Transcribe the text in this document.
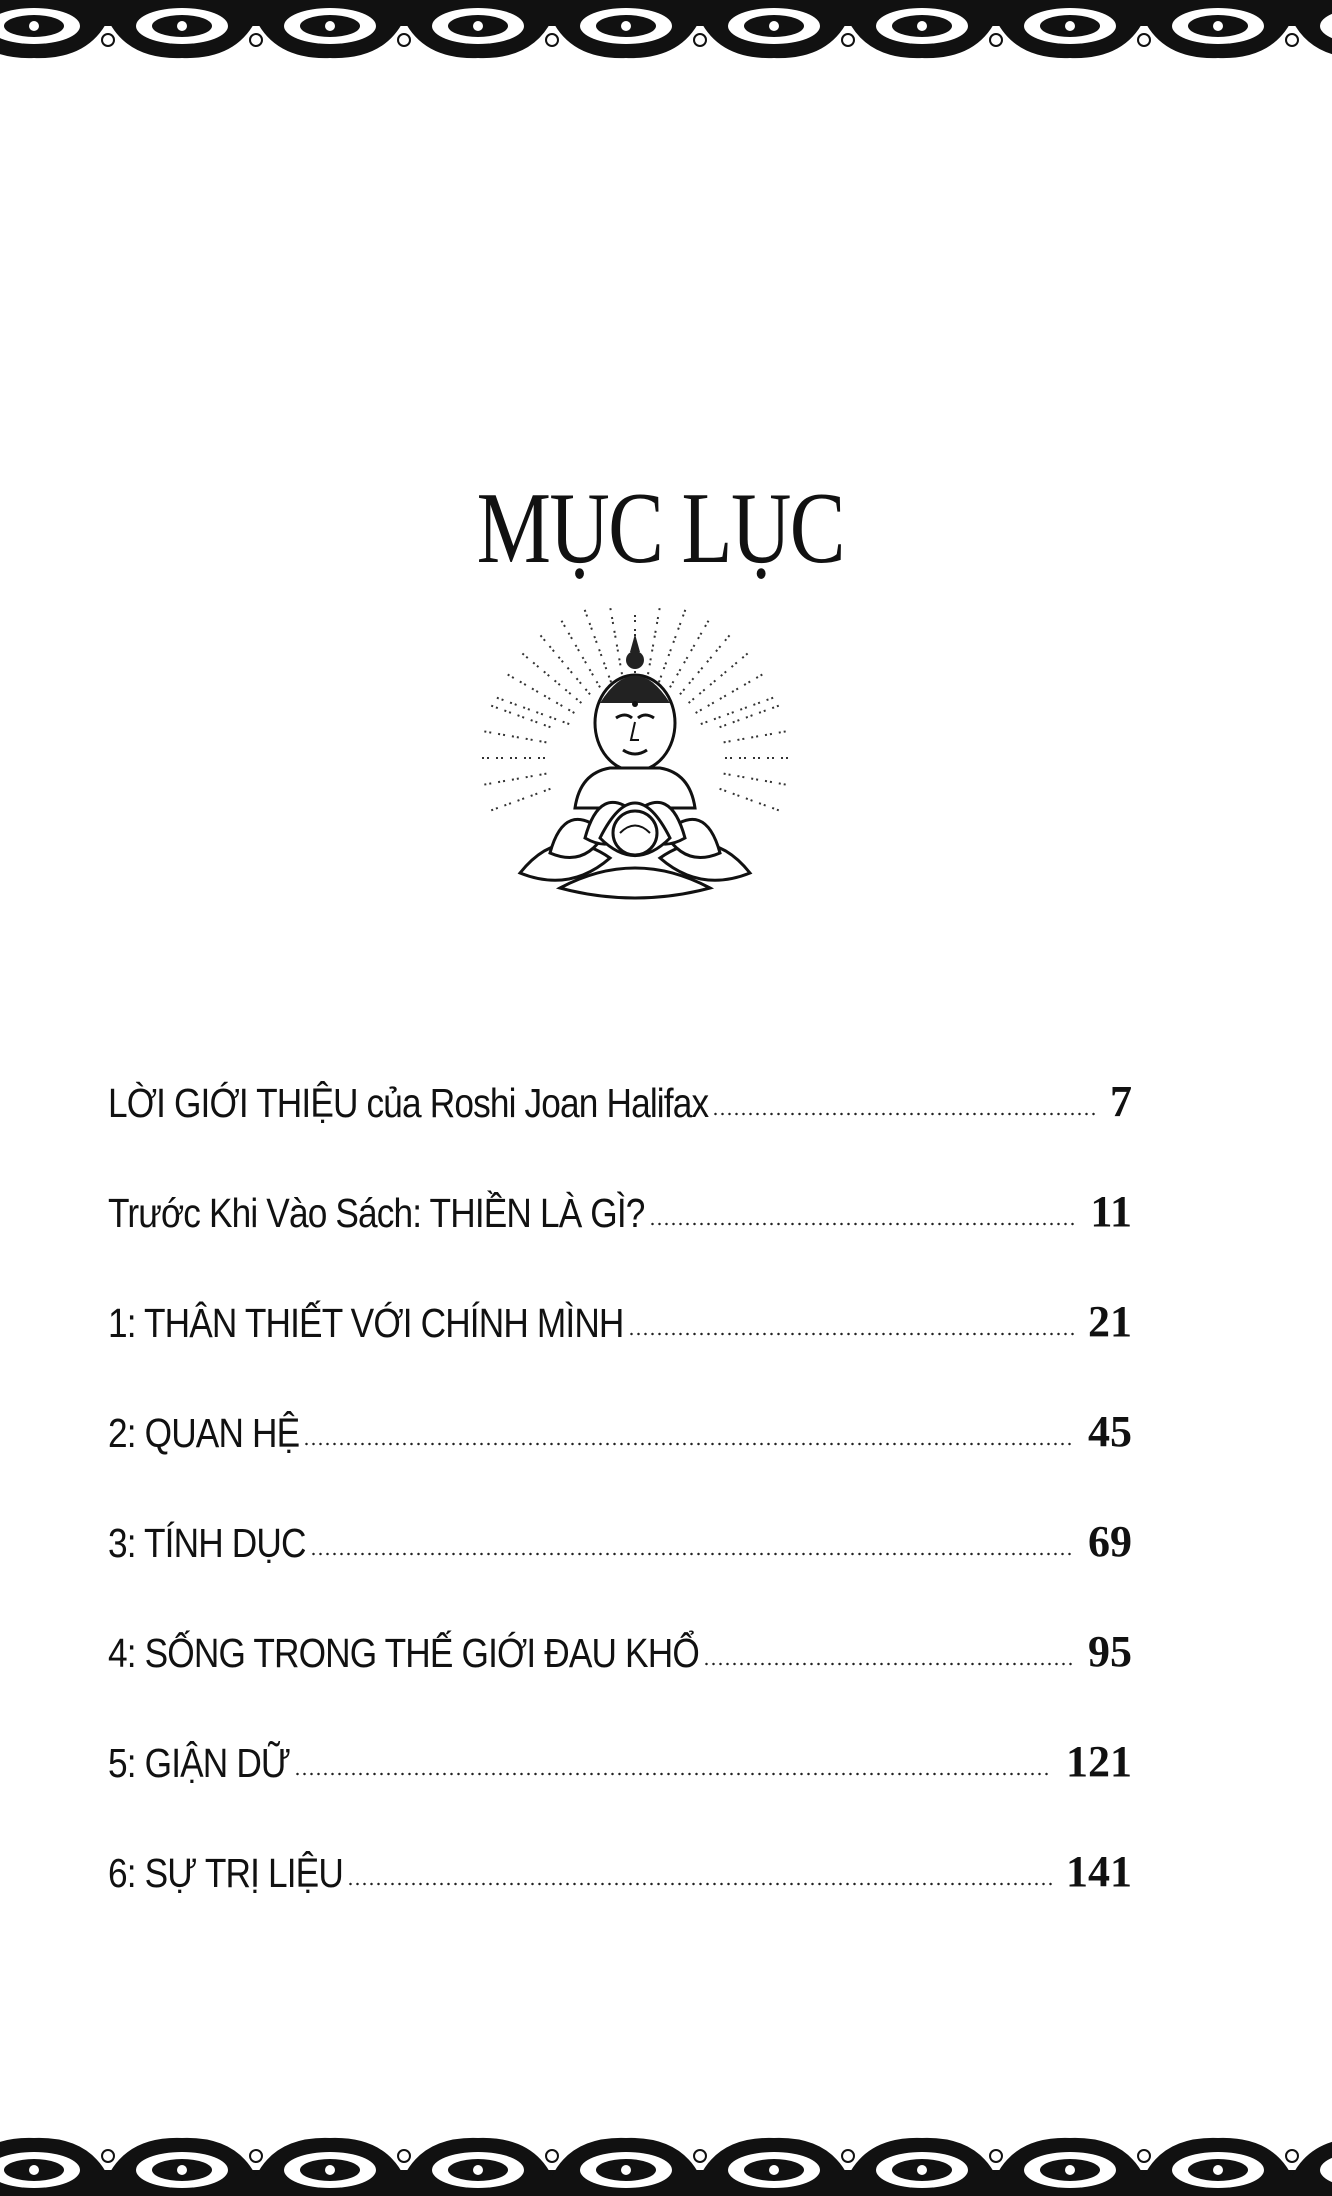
MỤC LỤC
LỜI GIỚI THIỆU của Roshi Joan Halifax	7
Trước Khi Vào Sách: THIỀN LÀ GÌ?	11
1: THÂN THIẾT VỚI CHÍNH MÌNH	21
2: QUAN HỆ	45
3: TÍNH DỤC	69
4: SỐNG TRONG THẾ GIỚI ĐAU KHỔ	95
5: GIẬN DỮ	121
6: SỰ TRỊ LIỆU	141
